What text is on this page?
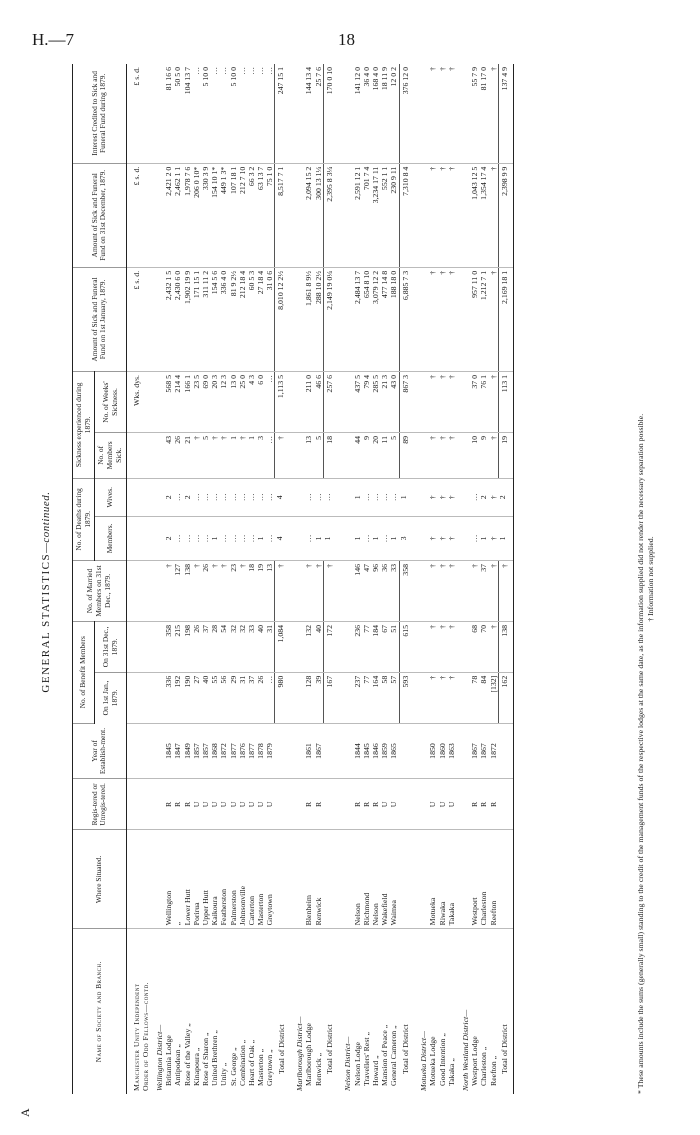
H.—7	18
A
GENERAL STATISTICS—continued.
Name of Society and Branch.	Where Situated.	Regis-tered or Unregis-tered.	Year of Establish-ment.	No. of Benefit Members		No. of Married Members on 31st Dec., 1879.	No. of Deaths during 1879.		Sickness experienced during 1879.		Amount of Sick and Funeral Fund on 1st January, 1879.	Amount of Sick and Funeral Fund on 31st December, 1879.	Interest Credited to Sick and Funeral Fund during 1879.
				On 1st Jan., 1879.	On 31st Dec., 1879.		Members.	Wives.	No. of Members Sick.	No. of Weeks' Sickness.			

Manchester Unity Independent Order of Odd Fellows—contd.										Wks. dys.	£ s. d.	£ s. d.	£ s. d.
Wellington District—													
Britannia Lodge	Wellington	R	1845	336	358	†	2	2	43	568 5	2,432 1 5	2,421 2 0	81 16 6
Antipodean „	„	R	1847	192	215	127	…	…	26	214 4	2,430 6 0	2,462 1 1	50 5 0
Rose of the Valley „	Lower Hutt	R	1849	190	198	138	…	2	21	166 1	1,902 19 9	1,978 7 6	104 13 7
Kinapoura „	Porirua	U	1857	27	26	†	…	…	†	23 5	171 15 1	206 0 10*	…
Rose of Sharon „	Upper Hutt	U	1857	40	37	26	…	…	5	69 0	311 11 2	330 3 9	5 10 0
United Brethren „	Kaikoura	U	1868	55	28	†	1	…	†	20 3	154 5 6	154 10 1*	…
Unity „	Featherston	U	1872	56	54	†	…	…	†	12 3	336 4 0	449 1 3*	…
St. George „	Palmerston	U	1877	29	32	23	…	…	1	13 0	81 9 2½	107 18 1	5 10 0
Combination „	Johnsonville	U	1876	31	32	†	…	…	†	25 0	212 18 4	212 7 10	…
Heart of Oak „	Carterton	U	1877	37	33	18	…	…	1	4 3	60 5 3	66 3 2	…
Masterton „	Masterton	U	1878	26	40	19	1	…	3	6 0	27 18 4	63 13 7	…
Greytown „	Greytown	U	1879	…	31	13	…	…	…	…	31 0 6	75 1 0	…
Total of District				980	1,084	†	4	4	†	1,113 5	8,010 12 2½	8,517 7 1	247 15 1
Marlborough District—													
Marlborough Lodge	Blenheim	R	1861	128	132	†	…	…	13	211 0	1,861 8 9½	2,094 15 2	144 13 4
Renwick „	Renwick	R	1867	39	40	†	1	…	5	46 6	288 10 2½	300 13 1¼	25 7 6
Total of District				167	172	†	1	…	18	257 6	2,149 19 0¼	2,395 8 3¼	170 0 10
Nelson District—													
Nelson Lodge	Nelson	R	1844	237	236	146	1	1	44	437 5	2,484 13 7	2,591 12 1	141 12 0
Travellers' Rest „	Richmond	R	1845	77	77	47	…	…	9	79 4	654 8 10	701 7 4	36 4 0
Howard „	Nelson	R	1846	164	184	96	1	…	20	285 5	3,079 12 2	3,234 17 11	168 4 0
Mansion of Peace „	Wakefield	U	1859	58	67	36	…	…	11	21 3	477 14 8	552 1 1	18 11 9
General Cameron „	Waimea	U	1865	57	51	33	1	…	5	43 0	188 18 0	230 9 11	12 0 2
Total of District				593	615	358	3	1	89	867 3	6,885 7 3	7,310 8 4	376 12 0
Motueka District—													
Motueka Lodge	Motueka	U	1850	†	†	†	†	†	†	†	†	†	†
Good Intention „	Riwaka	U	1860	†	†	†	†	†	†	†	†	†	†
Takaka „	Takaka	U	1863	†	†	†	†	†	†	†	†	†	†
North Westland District—													
Westport Lodge	Westport	R	1867	78	68	†	…	…	10	37 0	957 11 0	1,043 12 5	55 7 9
Charleston „	Charleston	R	1867	84	70	37	1	2	9	76 1	1,212 7 1	1,354 17 4	81 17 0
Reefton „	Reefton	R	1872	[132]	†	†	†	†	†	†	†	†	†
Total of District				162	138	†	1	2	19	113 1	2,169 18 1	2,398 9 9	137 4 9

* These amounts include the sums (generally small) standing to the credit of the management funds of the respective lodges at the same date, as the information supplied did not render the necessary separation possible. † Information not supplied.
